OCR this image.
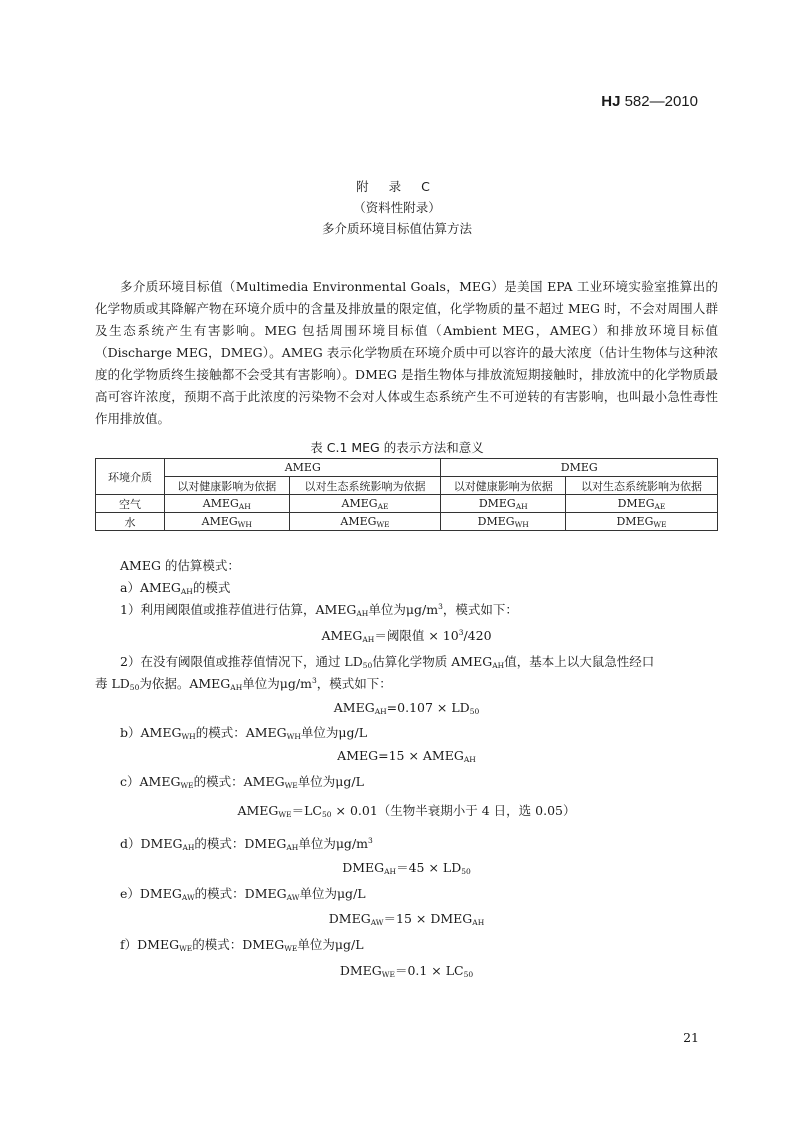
HJ 582—2010
附 录 C
（资料性附录）
多介质环境目标值估算方法
多介质环境目标值（Multimedia Environmental Goals，MEG）是美国 EPA 工业环境实验室推算出的化学物质或其降解产物在环境介质中的含量及排放量的限定值，化学物质的量不超过 MEG 时，不会对周围人群及生态系统产生有害影响。MEG 包括周围环境目标值（Ambient MEG，AMEG）和排放环境目标值（Discharge MEG，DMEG）。AMEG 表示化学物质在环境介质中可以容许的最大浓度（估计生物体与这种浓度的化学物质终生接触都不会受其有害影响）。DMEG 是指生物体与排放流短期接触时，排放流中的化学物质最高可容许浓度，预期不高于此浓度的污染物不会对人体或生态系统产生不可逆转的有害影响，也叫最小急性毒性作用排放值。
表 C.1 MEG 的表示方法和意义
环境介质	AMEG		DMEG	
	以对健康影响为依据	以对生态系统影响为依据	以对健康影响为依据	以对生态系统影响为依据
空气	$AMEG_{AH}$	$AMEG_{AE}$	$DMEG_{AH}$	$DMEG_{AE}$
水	$AMEG_{WH}$	$AMEG_{WE}$	$DMEG_{WH}$	$DMEG_{WE}$
AMEG 的估算模式：
$a)AMEG_{AH}$的模式
1）利用阈限值或推荐值进行估算，$AMEG_{AH}$单位为$\mu g/m^3$，模式如下：
$AMEG_{AH}=$阈限值 × $10^3/420$
2）在没有阈限值或推荐值情况下，通过 $LD_{50}$估算化学物质 $AMEG_{AH}$值，基本上以大鼠急性经口
毒 $LD_{50}$为依据。$AMEG_{AH}$单位为$\mu g/m^3$，模式如下：
$AMEG_{AH}=0.107 \times LD_{50}$
$b)AMEG_{WH}$的模式：$AMEG_{WH}$单位为μg/L
AMEG=15 × $AMEG_{AH}$
$c)AMEG_{WE}$的模式：$AMEG_{WE}$单位为μg/L
$AMEG_{WE}=LC_{50} \times 0.01$（生物半衰期小于 4 日，选 0.05）
$d)DMEG_{AH}$的模式：$DMEG_{AH}$单位为$\mu g/m^3$
$DMEG_{AH}=45 \times LD_{50}$
$e)DMEG_{AW}$的模式：$DMEG_{AW}$单位为μg/L
$DMEG_{AW}=15$ × $DMEG_{AH}$
$f)DMEG_{WE}$的模式：$DMEG_{WE}$单位为μg/L
$DMEG_{WE}=0.1 \times LC_{50}$
21
